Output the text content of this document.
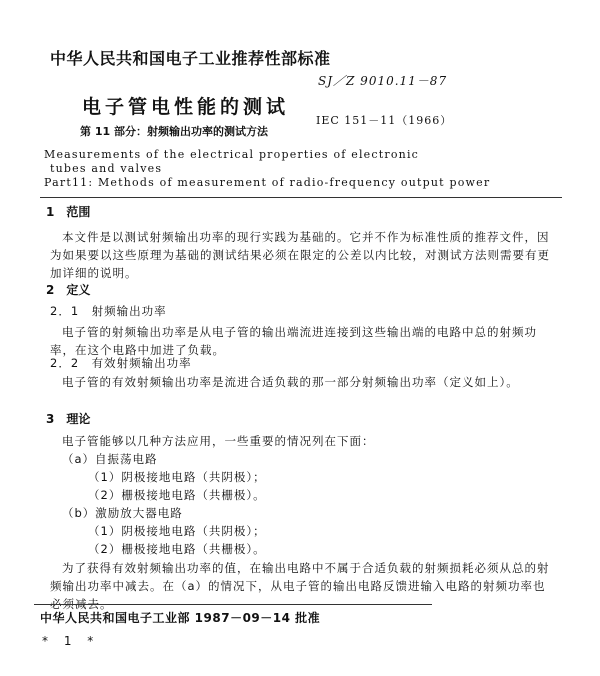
中华人民共和国电子工业推荐性部标准
SJ／Z 9010.11－87
电子管电性能的测试
IEC 151－11（1966）
第 11 部分：射频输出功率的测试方法
Measurements of the electrical properties of electronic
tubes and valves
Part11: Methods of measurement of radio-frequency output power
1　范围
本文件是以测试射频输出功率的现行实践为基础的。它并不作为标准性质的推荐文件，因为如果要以这些原理为基础的测试结果必须在限定的公差以内比较，对测试方法则需要有更加详细的说明。
2　定义
2．1　射频输出功率
电子管的射频输出功率是从电子管的输出端流进连接到这些输出端的电路中总的射频功率，在这个电路中加进了负载。
2．2　有效射频输出功率
电子管的有效射频输出功率是流进合适负载的那一部分射频输出功率（定义如上）。
3　理论
电子管能够以几种方法应用，一些重要的情况列在下面：
（a）自振荡电路
（1）阴极接地电路（共阴极）；
（2）栅极接地电路（共栅极）。
（b）激励放大器电路
（1）阴极接地电路（共阴极）；
（2）栅极接地电路（共栅极）。
为了获得有效射频输出功率的值，在输出电路中不属于合适负载的射频损耗必须从总的射频输出功率中减去。在（a）的情况下，从电子管的输出电路反馈进输入电路的射频功率也必须减去。
中华人民共和国电子工业部 1987－09－14 批准
* 1 *
